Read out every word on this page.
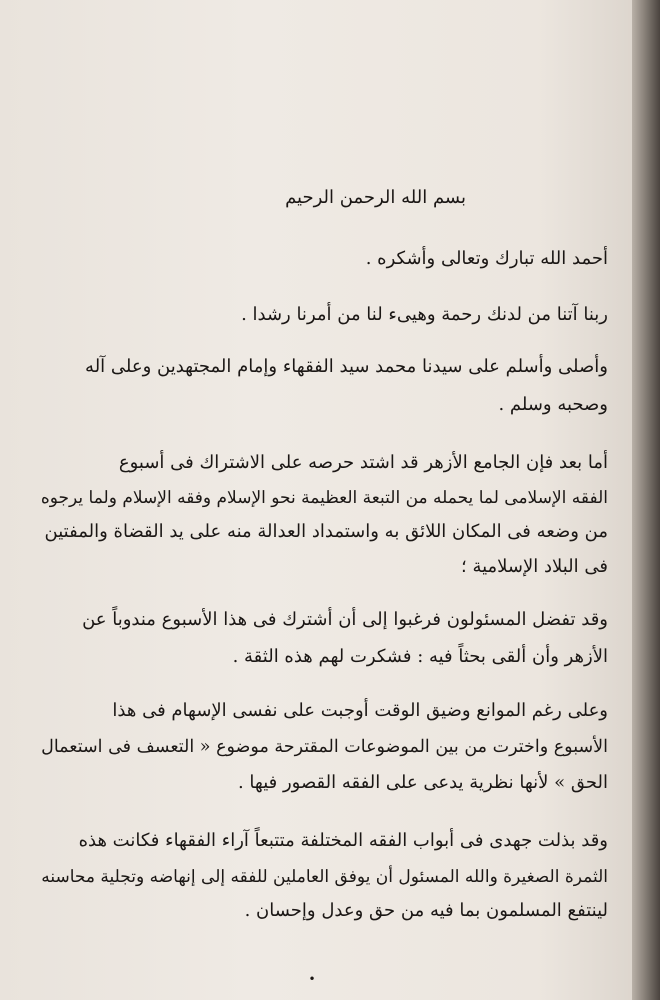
بسم الله الرحمن الرحيم

أحمد الله تبارك وتعالى وأشكره .

ربنا آتنا من لدنك رحمة وهيىء لنا من أمرنا رشدا .

وأصلى وأسلم على سيدنا محمد سيد الفقهاء وإمام المجتهدين وعلى آله

وصحبه وسلم .

أما بعد فإن الجامع الأزهر قد اشتد حرصه على الاشتراك فى أسبوع

الفقه الإسلامى لما يحمله من التبعة العظيمة نحو الإسلام وفقه الإسلام ولما يرجوه

من وضعه فى المكان اللائق به واستمداد العدالة منه على يد القضاة والمفتين

فى البلاد الإسلامية ؛

وقد تفضل المسئولون فرغبوا إلى أن أشترك فى هذا الأسبوع مندوباً عن

الأزهر وأن ألقى بحثاً فيه : فشكرت لهم هذه الثقة .

وعلى رغم الموانع وضيق الوقت أوجبت على نفسى الإسهام فى هذا

الأسبوع واخترت من بين الموضوعات المقترحة موضوع « التعسف فى استعمال

الحق » لأنها نظرية يدعى على الفقه القصور فيها .

وقد بذلت جهدى فى أبواب الفقه المختلفة متتبعاً آراء الفقهاء فكانت هذه

الثمرة الصغيرة والله المسئول أن يوفق العاملين للفقه إلى إنهاضه وتجلية محاسنه

لينتفع المسلمون بما فيه من حق وعدل وإحسان .

•
